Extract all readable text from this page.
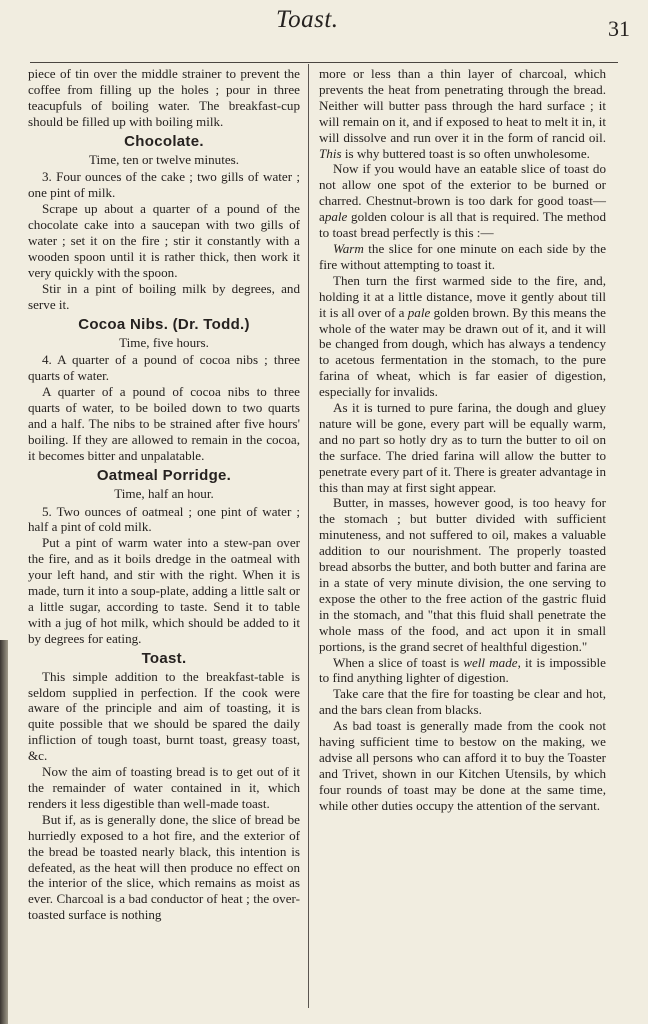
Toast.	31

piece of tin over the middle strainer to prevent the coffee from filling up the holes ; pour in three teacupfuls of boiling water. The breakfast-cup should be filled up with boiling milk.

Chocolate.

Time, ten or twelve minutes.

3. Four ounces of the cake ; two gills of water ; one pint of milk.

Scrape up about a quarter of a pound of the chocolate cake into a saucepan with two gills of water ; set it on the fire ; stir it constantly with a wooden spoon until it is rather thick, then work it very quickly with the spoon.

Stir in a pint of boiling milk by degrees, and serve it.

Cocoa Nibs. (Dr. Todd.)

Time, five hours.

4. A quarter of a pound of cocoa nibs ; three quarts of water.

A quarter of a pound of cocoa nibs to three quarts of water, to be boiled down to two quarts and a half. The nibs to be strained after five hours' boiling. If they are allowed to remain in the cocoa, it becomes bitter and unpalatable.

Oatmeal Porridge.

Time, half an hour.

5. Two ounces of oatmeal ; one pint of water ; half a pint of cold milk.

Put a pint of warm water into a stew-pan over the fire, and as it boils dredge in the oatmeal with your left hand, and stir with the right. When it is made, turn it into a soup-plate, adding a little salt or a little sugar, according to taste. Send it to table with a jug of hot milk, which should be added to it by degrees for eating.

Toast.

This simple addition to the breakfast-table is seldom supplied in perfection. If the cook were aware of the principle and aim of toasting, it is quite possible that we should be spared the daily infliction of tough toast, burnt toast, greasy toast, &c.

Now the aim of toasting bread is to get out of it the remainder of water contained in it, which renders it less digestible than well-made toast.

But if, as is generally done, the slice of bread be hurriedly exposed to a hot fire, and the exterior of the bread be toasted nearly black, this intention is defeated, as the heat will then produce no effect on the interior of the slice, which remains as moist as ever. Charcoal is a bad conductor of heat ; the over-toasted surface is nothing

more or less than a thin layer of charcoal, which prevents the heat from penetrating through the bread. Neither will butter pass through the hard surface ; it will remain on it, and if exposed to heat to melt it in, it will dissolve and run over it in the form of rancid oil. This is why buttered toast is so often unwholesome.

Now if you would have an eatable slice of toast do not allow one spot of the exterior to be burned or charred. Chestnut-brown is too dark for good toast—apale golden colour is all that is required. The method to toast bread perfectly is this :—

Warm the slice for one minute on each side by the fire without attempting to toast it.

Then turn the first warmed side to the fire, and, holding it at a little distance, move it gently about till it is all over of a pale golden brown. By this means the whole of the water may be drawn out of it, and it will be changed from dough, which has always a tendency to acetous fermentation in the stomach, to the pure farina of wheat, which is far easier of digestion, especially for invalids.

As it is turned to pure farina, the dough and gluey nature will be gone, every part will be equally warm, and no part so hotly dry as to turn the butter to oil on the surface. The dried farina will allow the butter to penetrate every part of it. There is greater advantage in this than may at first sight appear.

Butter, in masses, however good, is too heavy for the stomach ; but butter divided with sufficient minuteness, and not suffered to oil, makes a valuable addition to our nourishment. The properly toasted bread absorbs the butter, and both butter and farina are in a state of very minute division, the one serving to expose the other to the free action of the gastric fluid in the stomach, and "that this fluid shall penetrate the whole mass of the food, and act upon it in small portions, is the grand secret of healthful digestion."

When a slice of toast is well made, it is impossible to find anything lighter of digestion.

Take care that the fire for toasting be clear and hot, and the bars clean from blacks.

As bad toast is generally made from the cook not having sufficient time to bestow on the making, we advise all persons who can afford it to buy the Toaster and Trivet, shown in our Kitchen Utensils, by which four rounds of toast may be done at the same time, while other duties occupy the attention of the servant.
